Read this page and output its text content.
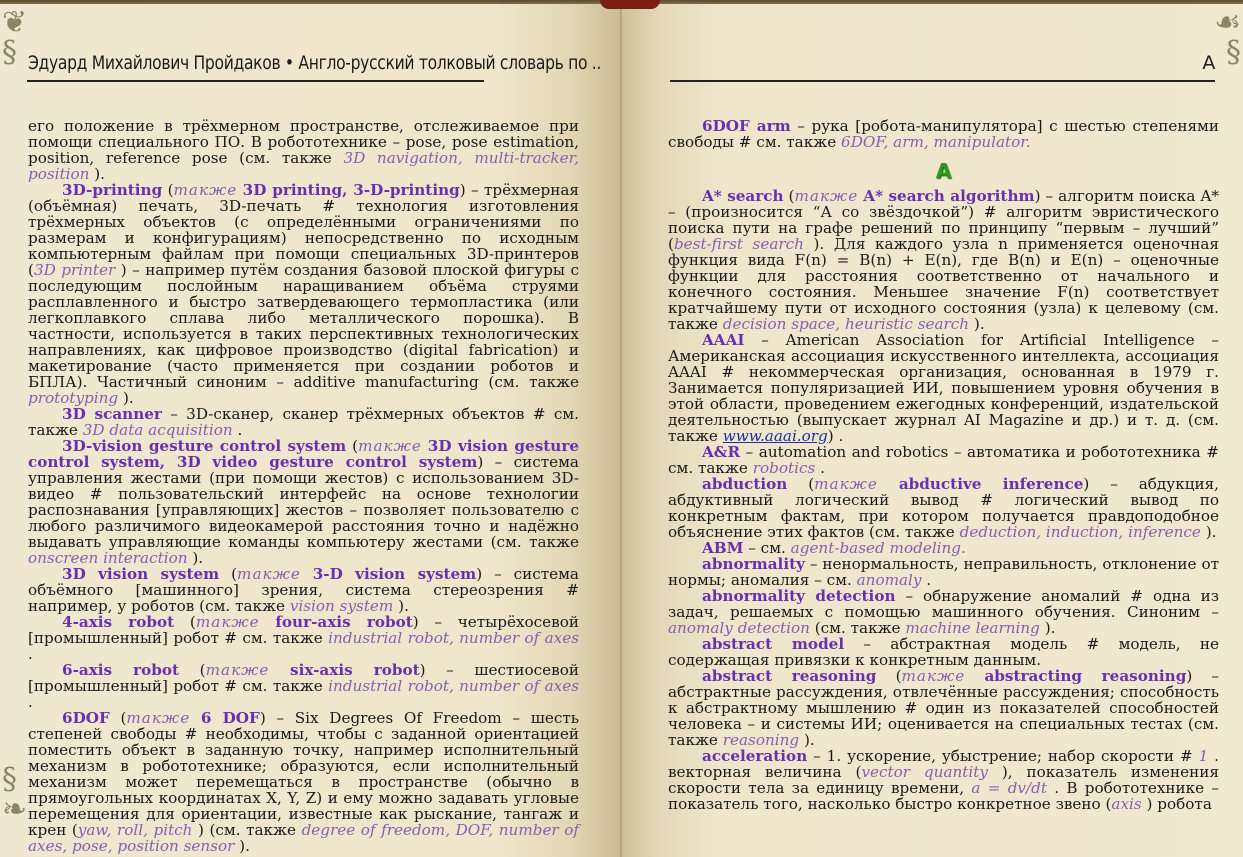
❦
§
§
❧
☙
§
Эдуард Михайлович Пройдаков • Англо-русский толковый словарь по ..	A

его положение в трёхмерном пространстве, отслеживаемое при помощи специального ПО. В робототехнике – pose, pose estimation, position, reference pose (см. также 3D navigation, multi-tracker, position ).

3D-printing (также 3D printing, 3-D-printing) – трёхмерная (объёмная) печать, 3D-печать # технология изготовления трёхмерных объектов (с определёнными ограничениями по размерам и конфигурациям) непосредственно по исходным компьютерным файлам при помощи специальных 3D-принтеров (3D printer ) – например путём создания базовой плоской фигуры с последующим послойным наращиванием объёма струями расплавленного и быстро затвердевающего термопластика (или легкоплавкого сплава либо металлического порошка). В частности, используется в таких перспективных технологических направлениях, как цифровое производство (digital fabrication) и макетирование (часто применяется при создании роботов и БПЛА). Частичный синоним – additive manufacturing (см. также prototyping ).

3D scanner – 3D-сканер, сканер трёхмерных объектов # см. также 3D data acquisition .

3D-vision gesture control system (также 3D vision gesture control system, 3D video gesture control system) – система управления жестами (при помощи жестов) с использованием 3D-видео # пользовательский интерфейс на основе технологии распознавания [управляющих] жестов – позволяет пользователю с любого различимого видеокамерой расстояния точно и надёжно выдавать управляющие команды компьютеру жестами (см. также onscreen interaction ).

3D vision system (также 3-D vision system) – система объёмного [машинного] зрения, система стереозрения # например, у роботов (см. также vision system ).

4-axis robot (также four-axis robot) – четырёхосевой [промышленный] робот # см. также industrial robot, number of axes .

6-axis robot (также six-axis robot) – шестиосевой [промышленный] робот # см. также industrial robot, number of axes .

6DOF (также 6 DOF) – Six Degrees Of Freedom – шесть степеней свободы # необходимы, чтобы с заданной ориентацией поместить объект в заданную точку, например исполнительный механизм в робототехнике; образуются, если исполнительный механизм может перемещаться в пространстве (обычно в прямоугольных координатах X, Y, Z) и ему можно задавать угловые перемещения для ориентации, известные как рыскание, тангаж и крен (yaw, roll, pitch ) (см. также degree of freedom, DOF, number of axes, pose, position sensor ).

6DOF arm – рука [робота-манипулятора] с шестью степенями свободы # см. также 6DOF, arm, manipulator.

A

A* search (также A* search algorithm) – алгоритм поиска A* – (произносится “А со звёздочкой”) # алгоритм эвристического поиска пути на графе решений по принципу “первым – лучший” (best-first search ). Для каждого узла n применяется оценочная функция вида F(n) = B(n) + E(n), где B(n) и E(n) – оценочные функции для расстояния соответственно от начального и конечного состояния. Меньшее значение F(n) соответствует кратчайшему пути от исходного состояния (узла) к целевому (см. также decision space, heuristic search ).

AAAI – American Association for Artificial Intelligence – Американская ассоциация искусственного интеллекта, ассоциация AAAI # некоммерческая организация, основанная в 1979 г. Занимается популяризацией ИИ, повышением уровня обучения в этой области, проведением ежегодных конференций, издательской деятельностью (выпускает журнал AI Magazine и др.) и т. д. (см. также www.aaai.org) .

A&R – automation and robotics – автоматика и робототехника # см. также robotics .

abduction (также abductive inference) – абдукция, абдуктивный логический вывод # логический вывод по конкретным фактам, при котором получается правдоподобное объяснение этих фактов (см. также deduction, induction, inference ).

ABM – см. agent-based modeling.

abnormality – ненормальность, неправильность, отклонение от нормы; аномалия – см. anomaly .

abnormality detection – обнаружение аномалий # одна из задач, решаемых с помощью машинного обучения. Синоним – anomaly detection (см. также machine learning ).

abstract model – абстрактная модель # модель, не содержащая привязки к конкретным данным.

abstract reasoning (также abstracting reasoning) – абстрактные рассуждения, отвлечённые рассуждения; способность к абстрактному мышлению # один из показателей способностей человека – и системы ИИ; оценивается на специальных тестах (см. также reasoning ).

acceleration – 1. ускорение, убыстрение; набор скорости # 1 . векторная величина (vector quantity ), показатель изменения скорости тела за единицу времени, a = dv/dt . В робототехнике – показатель того, насколько быстро конкретное звено (axis ) робота
